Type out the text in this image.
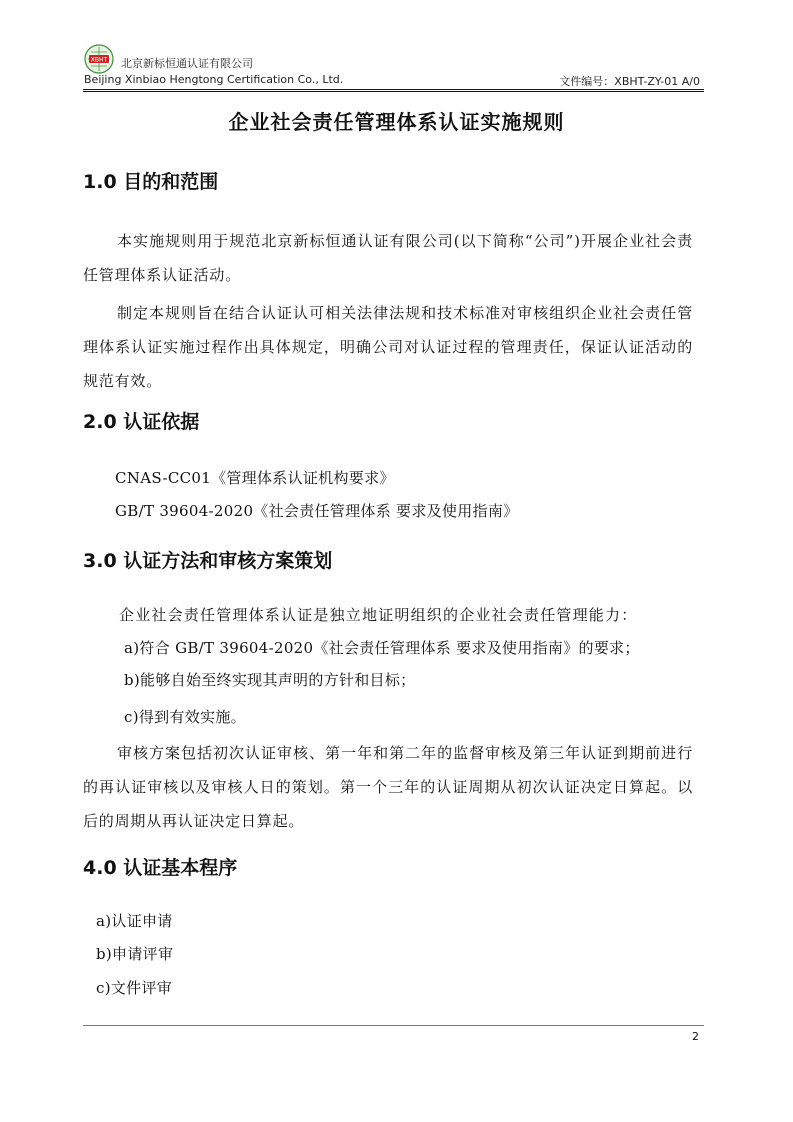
XBHT 北京新标恒通认证有限公司
Beijing Xinbiao Hengtong Certification Co., Ltd.	文件编号：XBHT-ZY-01 A/0
企业社会责任管理体系认证实施规则
1.0 目的和范围
本实施规则用于规范北京新标恒通认证有限公司(以下简称“公司”)开展企业社会责任管理体系认证活动。
制定本规则旨在结合认证认可相关法律法规和技术标准对审核组织企业社会责任管理体系认证实施过程作出具体规定，明确公司对认证过程的管理责任，保证认证活动的规范有效。
2.0 认证依据
CNAS-CC01《管理体系认证机构要求》
GB/T 39604-2020《社会责任管理体系 要求及使用指南》
3.0 认证方法和审核方案策划
企业社会责任管理体系认证是独立地证明组织的企业社会责任管理能力：
a)符合 GB/T 39604-2020《社会责任管理体系 要求及使用指南》的要求；
b)能够自始至终实现其声明的方针和目标；
c)得到有效实施。
审核方案包括初次认证审核、第一年和第二年的监督审核及第三年认证到期前进行的再认证审核以及审核人日的策划。第一个三年的认证周期从初次认证决定日算起。以后的周期从再认证决定日算起。
4.0 认证基本程序
a)认证申请
b)申请评审
c)文件评审
2
